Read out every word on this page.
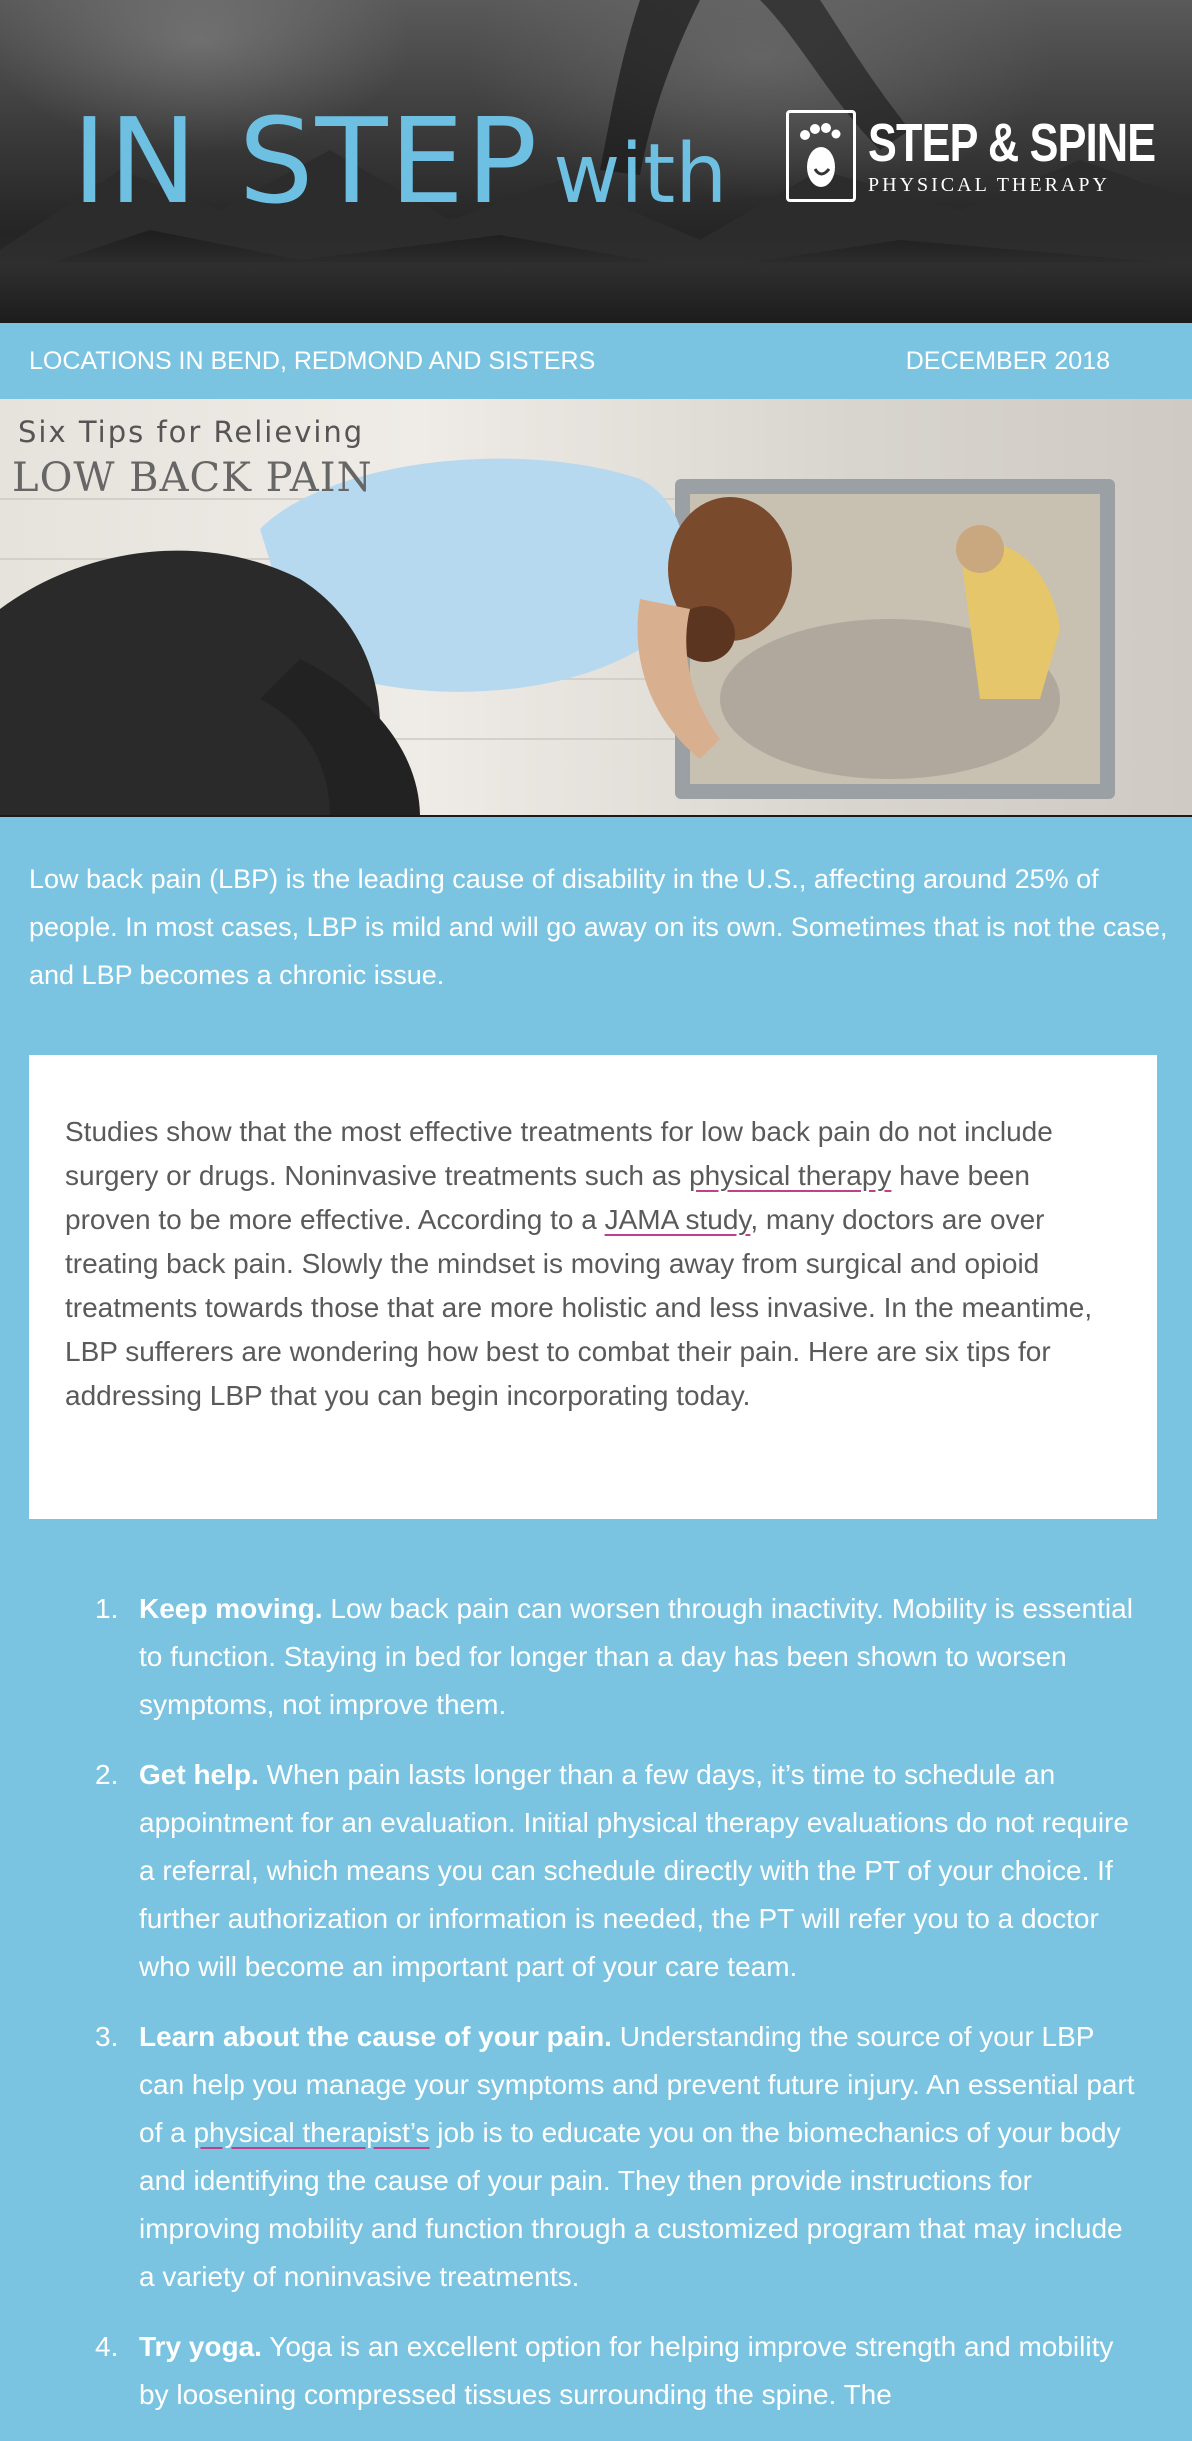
IN STEP with	STEP & SPINE
PHYSICAL THERAPY
LOCATIONS IN BEND, REDMOND AND SISTERS	DECEMBER 2018
Six Tips for Relieving
LOW BACK PAIN

Low back pain (LBP) is the leading cause of disability in the U.S., affecting around 25% of people. In most cases, LBP is mild and will go away on its own. Sometimes that is not the case, and LBP becomes a chronic issue.

Studies show that the most effective treatments for low back pain do not include surgery or drugs. Noninvasive treatments such as physical therapy have been proven to be more effective. According to a JAMA study, many doctors are over treating back pain. Slowly the mindset is moving away from surgical and opioid treatments towards those that are more holistic and less invasive. In the meantime, LBP sufferers are wondering how best to combat their pain. Here are six tips for addressing LBP that you can begin incorporating today.

1. Keep moving. Low back pain can worsen through inactivity. Mobility is essential to function. Staying in bed for longer than a day has been shown to worsen symptoms, not improve them.
2. Get help. When pain lasts longer than a few days, it’s time to schedule an appointment for an evaluation. Initial physical therapy evaluations do not require a referral, which means you can schedule directly with the PT of your choice. If further authorization or information is needed, the PT will refer you to a doctor who will become an important part of your care team.
3. Learn about the cause of your pain. Understanding the source of your LBP can help you manage your symptoms and prevent future injury. An essential part of a physical therapist’s job is to educate you on the biomechanics of your body and identifying the cause of your pain. They then provide instructions for improving mobility and function through a customized program that may include a variety of noninvasive treatments.
4. Try yoga. Yoga is an excellent option for helping improve strength and mobility by loosening compressed tissues surrounding the spine. The
